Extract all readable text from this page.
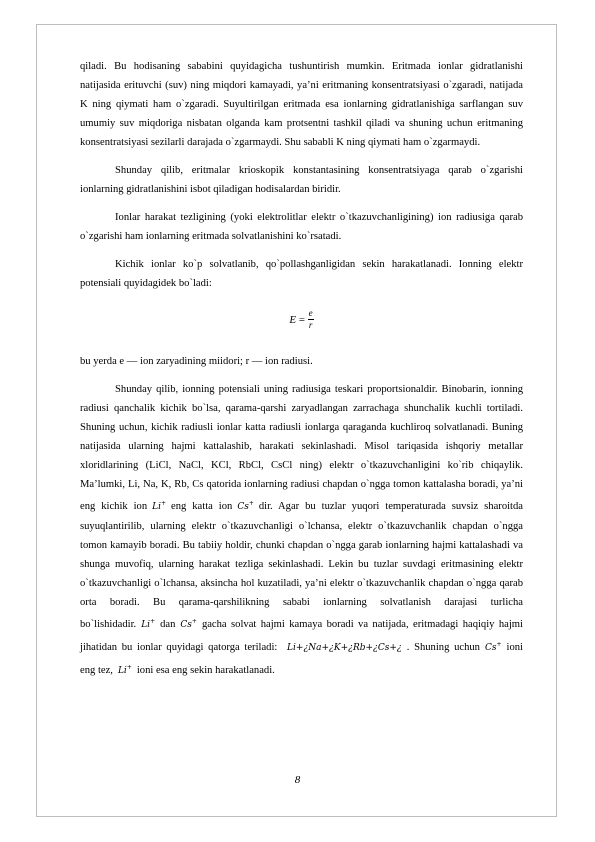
qiladi. Bu hodisaning sababini quyidagicha tushuntirish mumkin. Eritmada ionlar gidratlanishi natijasida erituvchi (suv) ning miqdori kamayadi, ya’ni eritmaning konsentratsiyasi o`zgaradi, natijada K ning qiymati ham o`zgaradi. Suyultirilgan eritmada esa ionlarning gidratlanishiga sarflangan suv umumiy suv miqdoriga nisbatan olganda kam protsentni tashkil qiladi va shuning uchun eritmaning konsentratsiyasi sezilarli darajada o`zgarmaydi. Shu sababli K ning qiymati ham o`zgarmaydi.

Shunday qilib, eritmalar krioskopik konstantasining konsentratsiyaga qarab o`zgarishi ionlarning gidratlanishini isbot qiladigan hodisalardan biridir.

Ionlar harakat tezligining (yoki elektrolitlar elektr o`tkazuvchanligining) ion radiusiga qarab o`zgarishi ham ionlarning eritmada solvatlanishini ko`rsatadi.

Kichik ionlar ko`p solvatlanib, qo`pollashganligidan sekin harakatlanadi. Ionning elektr potensiali quyidagidek bo`ladi:

$E = \frac{e}{r}$

bu yerda e — ion zaryadining miidori; r — ion radiusi.

Shunday qilib, ionning potensiali uning radiusiga teskari proportsionaldir. Binobarin, ionning radiusi qanchalik kichik bo`lsa, qarama-qarshi zaryadlangan zarrachaga shunchalik kuchli tortiladi. Shuning uchun, kichik radiusli ionlar katta radiusli ionlarga qaraganda kuchliroq solvatlanadi. Buning natijasida ularning hajmi kattalashib, harakati sekinlashadi. Misol tariqasida ishqoriy metallar xloridlarining (LiCl, NaCl, KCl, RbCl, CsCl ning) elektr o`tkazuvchanligini ko`rib chiqaylik. Ma’lumki, Li, Na, K, Rb, Cs qatorida ionlarning radiusi chapdan o`ngga tomon kattalasha boradi, ya’ni eng kichik ion Li+ eng katta ion Cs+ dir. Agar bu tuzlar yuqori temperaturada suvsiz sharoitda suyuqlantirilib, ularning elektr o`tkazuvchanligi o`lchansa, elektr o`tkazuvchanlik chapdan o`ngga tomon kamayib boradi. Bu tabiiy holdir, chunki chapdan o`ngga garab ionlarning hajmi kattalashadi va shunga muvofiq, ularning harakat tezliga sekinlashadi. Lekin bu tuzlar suvdagi eritmasining elektr o`tkazuvchanligi o`lchansa, aksincha hol kuzatiladi, ya’ni elektr o`tkazuvchanlik chapdan o`ngga qarab orta boradi. Bu qarama-qarshilikning sababi ionlarning solvatlanish darajasi turlicha bo`lishidadir. Li+ dan Cs+ gacha solvat hajmi kamaya boradi va natijada, eritmadagi haqiqiy hajmi jihatidan bu ionlar quyidagi qatorga teriladi: Li+¿Na+¿K+¿Rb+¿Cs+¿ . Shuning uchun Cs+ ioni eng tez, Li+ ioni esa eng sekin harakatlanadi.

8
